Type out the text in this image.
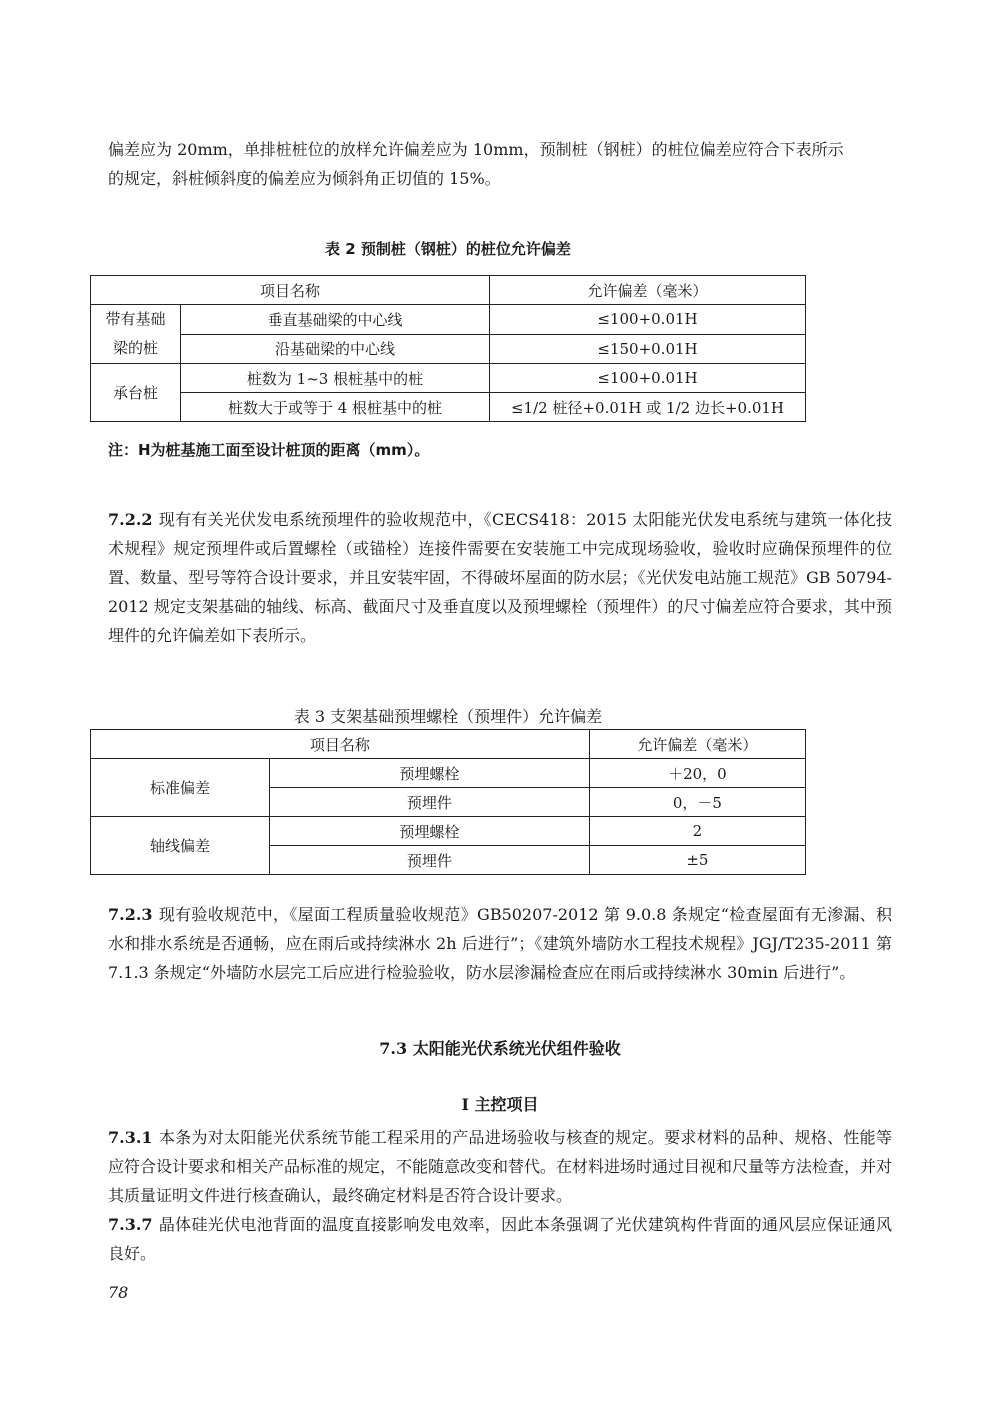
偏差应为 20mm，单排桩桩位的放样允许偏差应为 10mm，预制桩（钢桩）的桩位偏差应符合下表所示
的规定，斜桩倾斜度的偏差应为倾斜角正切值的 15%。

表 2 预制桩（钢桩）的桩位允许偏差
项目名称		允许偏差（毫米）
带有基础
梁的桩	垂直基础梁的中心线	≤100+0.01H
	沿基础梁的中心线	≤150+0.01H
承台桩	桩数为 1~3 根桩基中的桩	≤100+0.01H
	桩数大于或等于 4 根桩基中的桩	≤1/2 桩径+0.01H 或 1/2 边长+0.01H
注：H为桩基施工面至设计桩顶的距离（mm）。

7.2.2 现有有关光伏发电系统预埋件的验收规范中，《CECS418：2015 太阳能光伏发电系统与建筑一体化技术规程》规定预埋件或后置螺栓（或锚栓）连接件需要在安装施工中完成现场验收，验收时应确保预埋件的位置、数量、型号等符合设计要求，并且安装牢固，不得破坏屋面的防水层；《光伏发电站施工规范》GB 50794-2012 规定支架基础的轴线、标高、截面尺寸及垂直度以及预埋螺栓（预埋件）的尺寸偏差应符合要求，其中预埋件的允许偏差如下表所示。

表 3 支架基础预埋螺栓（预埋件）允许偏差
项目名称		允许偏差（毫米）
标准偏差	预埋螺栓	＋20，0
	预埋件	0，－5
轴线偏差	预埋螺栓	2
	预埋件	±5

7.2.3 现有验收规范中，《屋面工程质量验收规范》GB50207-2012 第 9.0.8 条规定“检查屋面有无渗漏、积水和排水系统是否通畅，应在雨后或持续淋水 2h 后进行”；《建筑外墙防水工程技术规程》JGJ/T235-2011 第 7.1.3 条规定“外墙防水层完工后应进行检验验收，防水层渗漏检查应在雨后或持续淋水 30min 后进行”。

7.3 太阳能光伏系统光伏组件验收
Ⅰ 主控项目

7.3.1 本条为对太阳能光伏系统节能工程采用的产品进场验收与核查的规定。要求材料的品种、规格、性能等应符合设计要求和相关产品标准的规定，不能随意改变和替代。在材料进场时通过目视和尺量等方法检查，并对其质量证明文件进行核查确认，最终确定材料是否符合设计要求。

7.3.7 晶体硅光伏电池背面的温度直接影响发电效率，因此本条强调了光伏建筑构件背面的通风层应保证通风良好。

78
